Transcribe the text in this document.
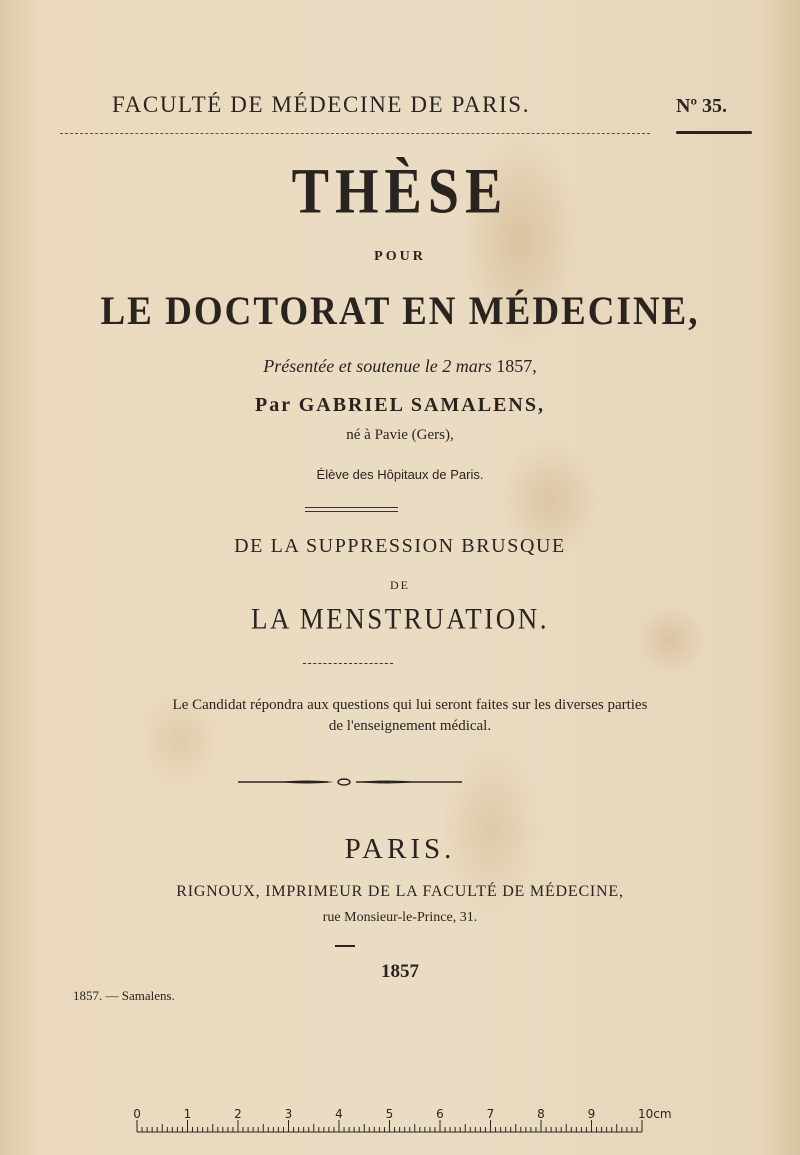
FACULTÉ DE MÉDECINE DE PARIS.	Nº 35.
THÈSE
POUR
LE DOCTORAT EN MÉDECINE,
Présentée et soutenue le 2 mars 1857,
Par GABRIEL SAMALENS,
né à Pavie (Gers),
Élève des Hôpitaux de Paris.
DE LA SUPPRESSION BRUSQUE
DE
LA MENSTRUATION.
Le Candidat répondra aux questions qui lui seront faites sur les diverses parties
de l'enseignement médical.
PARIS.
RIGNOUX, IMPRIMEUR DE LA FACULTÉ DE MÉDECINE,
rue Monsieur-le-Prince, 31.
1857
1857. — Samalens.
0	1	2	3	4	5	6	7	8	9	10cm
